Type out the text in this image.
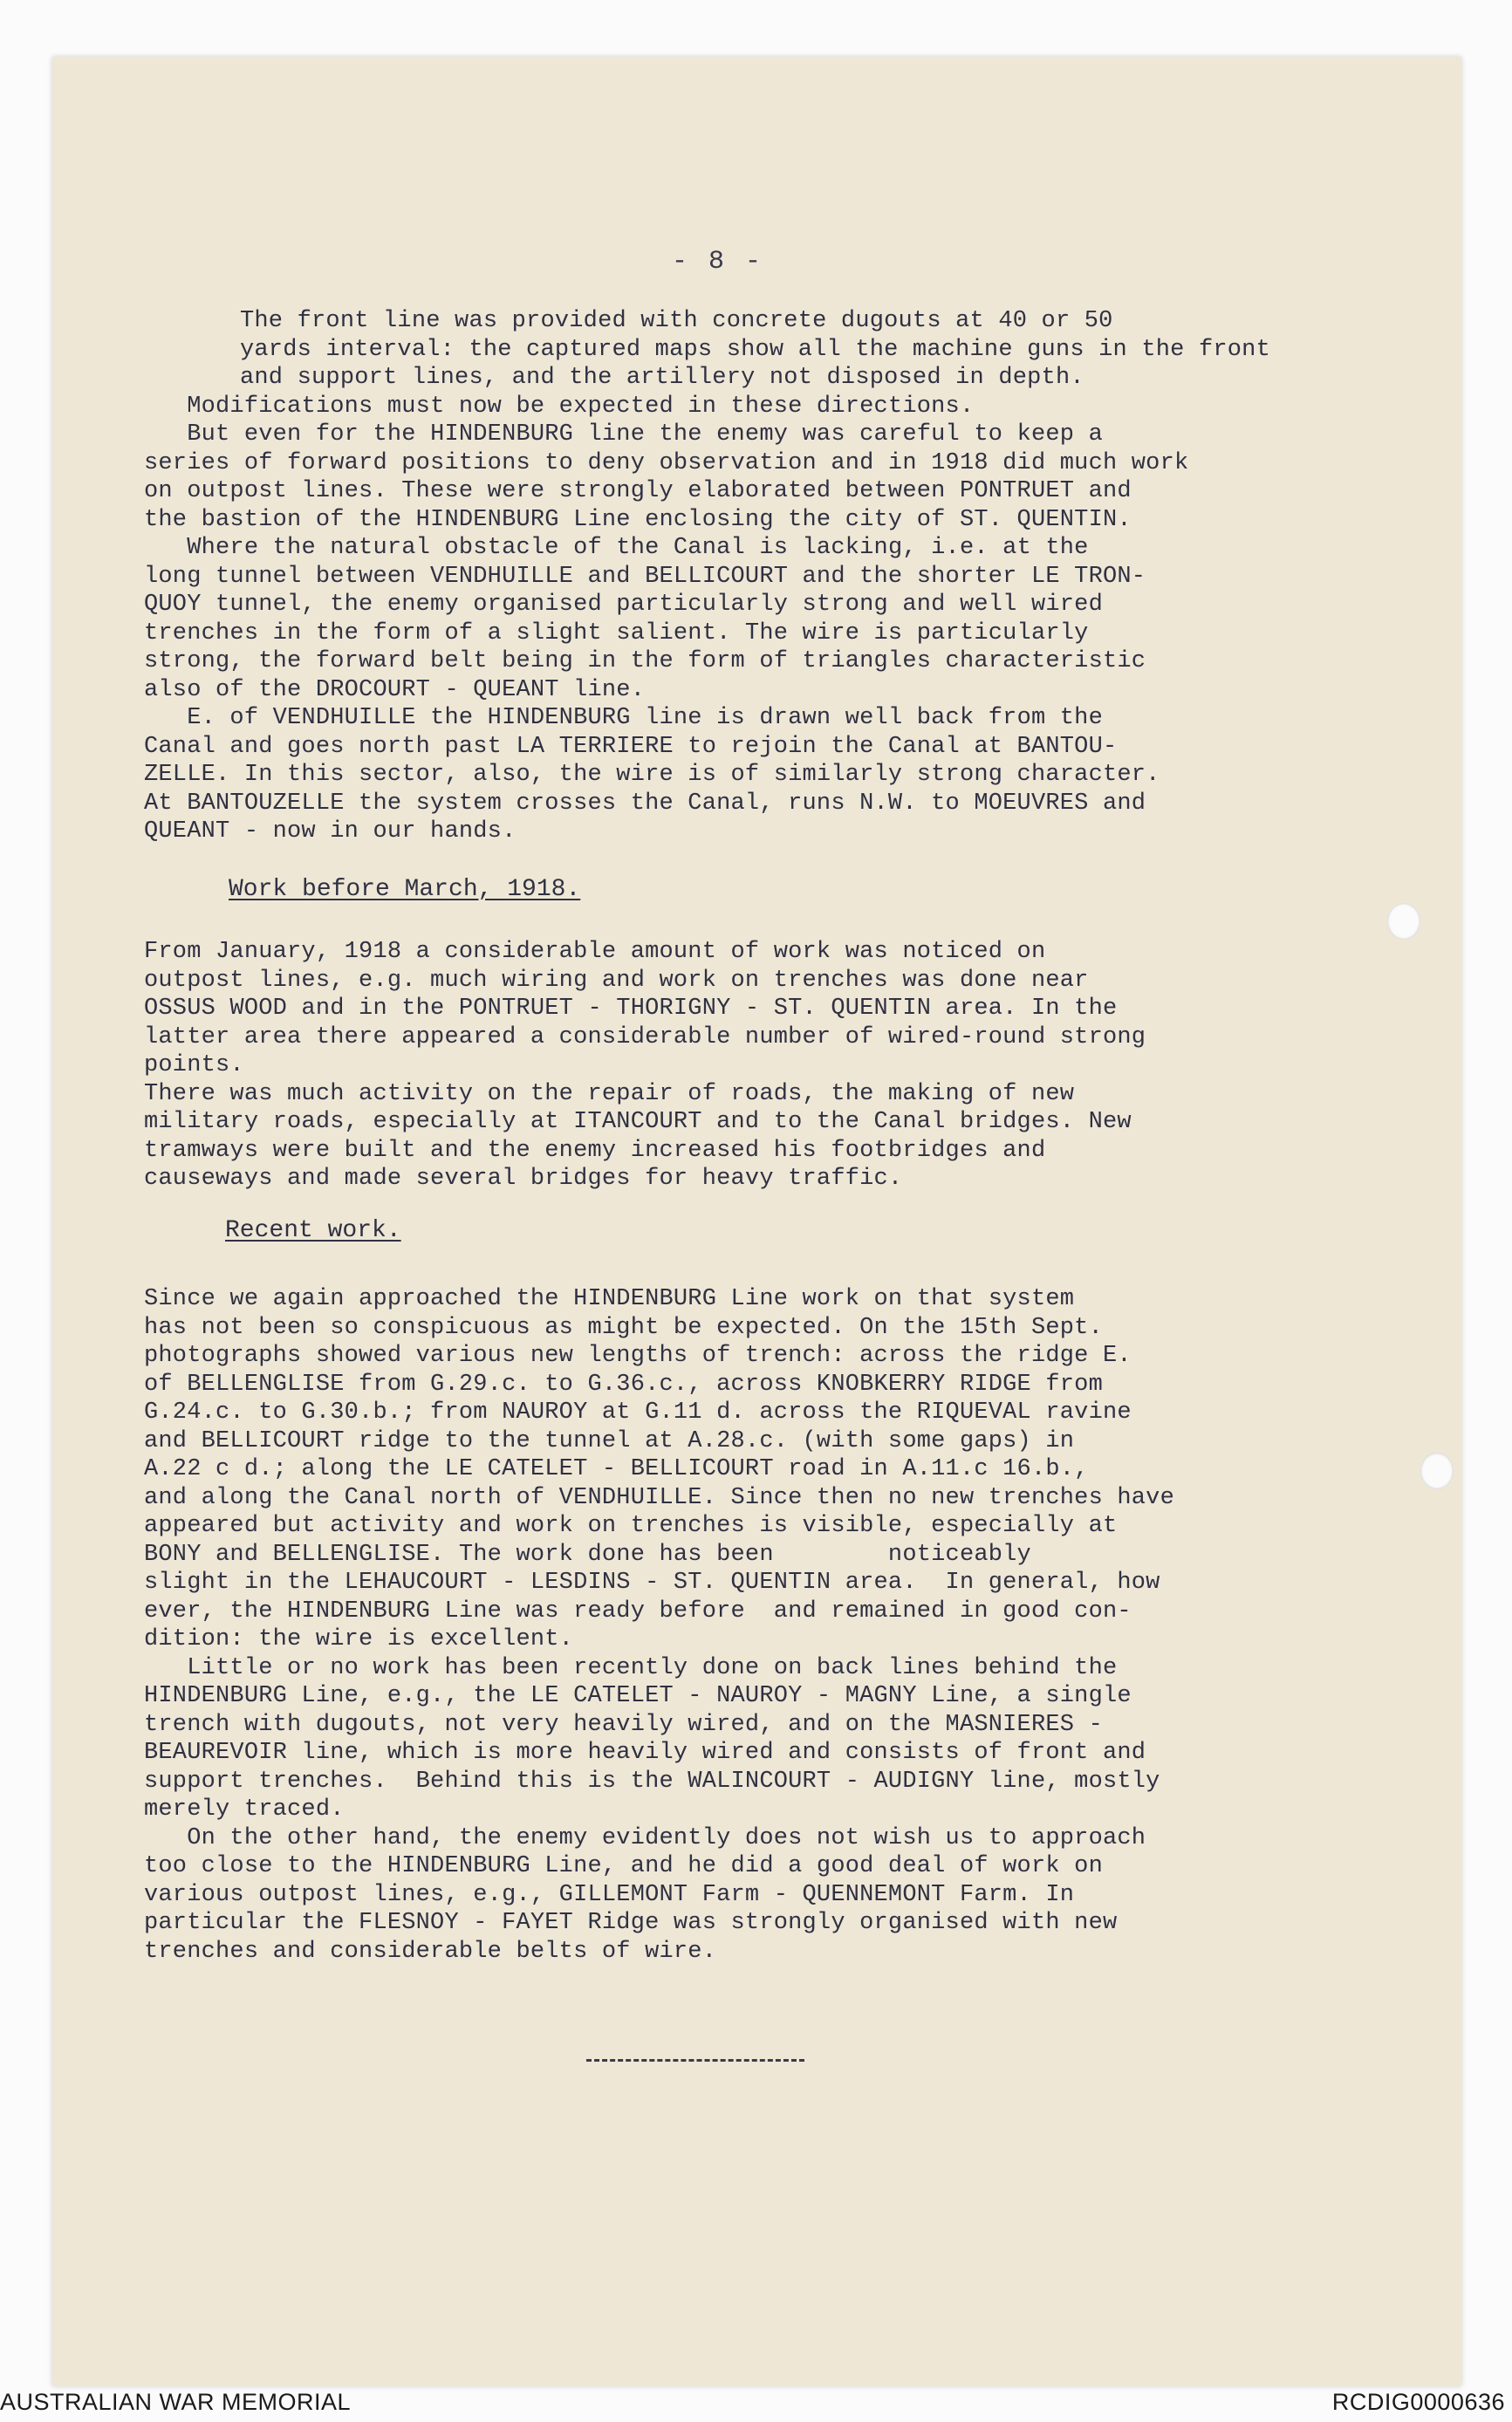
- 8 -

The front line was provided with concrete dugouts at 40 or 50
yards interval: the captured maps show all the machine guns in the front
and support lines, and the artillery not disposed in depth.

Modifications must now be expected in these directions.

But even for the HINDENBURG line the enemy was careful to keep a
series of forward positions to deny observation and in 1918 did much work
on outpost lines. These were strongly elaborated between PONTRUET and
the bastion of the HINDENBURG Line enclosing the city of ST. QUENTIN.

Where the natural obstacle of the Canal is lacking, i.e. at the
long tunnel between VENDHUILLE and BELLICOURT and the shorter LE TRON-
QUOY tunnel, the enemy organised particularly strong and well wired
trenches in the form of a slight salient. The wire is particularly
strong, the forward belt being in the form of triangles characteristic
also of the DROCOURT - QUEANT line.

E. of VENDHUILLE the HINDENBURG line is drawn well back from the
Canal and goes north past LA TERRIERE to rejoin the Canal at BANTOU-
ZELLE. In this sector, also, the wire is of similarly strong character.

At BANTOUZELLE the system crosses the Canal, runs N.W. to MOEUVRES and
QUEANT - now in our hands.

Work before March, 1918.

From January, 1918 a considerable amount of work was noticed on
outpost lines, e.g. much wiring and work on trenches was done near
OSSUS WOOD and in the PONTRUET - THORIGNY - ST. QUENTIN area. In the
latter area there appeared a considerable number of wired-round strong
points.

There was much activity on the repair of roads, the making of new
military roads, especially at ITANCOURT and to the Canal bridges. New
tramways were built and the enemy increased his footbridges and
causeways and made several bridges for heavy traffic.

Recent work.

Since we again approached the HINDENBURG Line work on that system
has not been so conspicuous as might be expected. On the 15th Sept.
photographs showed various new lengths of trench: across the ridge E.
of BELLENGLISE from G.29.c. to G.36.c., across KNOBKERRY RIDGE from
G.24.c. to G.30.b.; from NAUROY at G.11 d. across the RIQUEVAL ravine
and BELLICOURT ridge to the tunnel at A.28.c. (with some gaps) in
A.22 c d.; along the LE CATELET - BELLICOURT road in A.11.c 16.b.,
and along the Canal north of VENDHUILLE. Since then no new trenches have
appeared but activity and work on trenches is visible, especially at
BONY and BELLENGLISE. The work done has been        noticeably
slight in the LEHAUCOURT - LESDINS - ST. QUENTIN area.  In general, how
ever, the HINDENBURG Line was ready before  and remained in good con-
dition: the wire is excellent.

Little or no work has been recently done on back lines behind the
HINDENBURG Line, e.g., the LE CATELET - NAUROY - MAGNY Line, a single
trench with dugouts, not very heavily wired, and on the MASNIERES -
BEAUREVOIR line, which is more heavily wired and consists of front and
support trenches.  Behind this is the WALINCOURT - AUDIGNY line, mostly
merely traced.

On the other hand, the enemy evidently does not wish us to approach
too close to the HINDENBURG Line, and he did a good deal of work on
various outpost lines, e.g., GILLEMONT Farm - QUENNEMONT Farm. In
particular the FLESNOY - FAYET Ridge was strongly organised with new
trenches and considerable belts of wire.

AUSTRALIAN WAR MEMORIAL	RCDIG0000636
